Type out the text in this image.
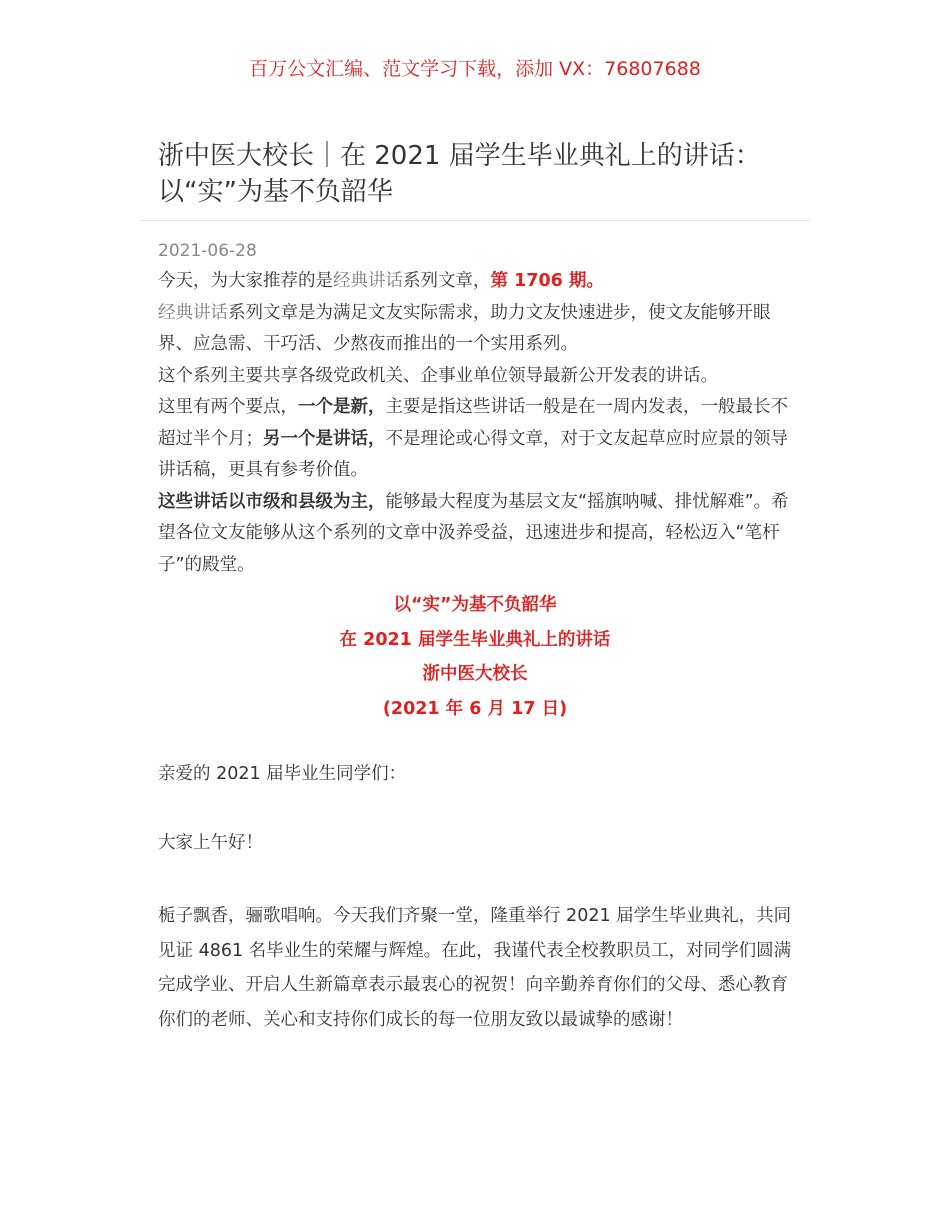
百万公文汇编、范文学习下载，添加 VX：76807688
浙中医大校长｜在 2021 届学生毕业典礼上的讲话：
以“实”为基不负韶华
2021-06-28

今天，为大家推荐的是经典讲话系列文章，第 1706 期。

经典讲话系列文章是为满足文友实际需求，助力文友快速进步，使文友能够开眼界、应急需、干巧活、少熬夜而推出的一个实用系列。

这个系列主要共享各级党政机关、企事业单位领导最新公开发表的讲话。

这里有两个要点，一个是新，主要是指这些讲话一般是在一周内发表，一般最长不超过半个月；另一个是讲话，不是理论或心得文章，对于文友起草应时应景的领导讲话稿，更具有参考价值。

这些讲话以市级和县级为主，能够最大程度为基层文友“摇旗呐喊、排忧解难”。希望各位文友能够从这个系列的文章中汲养受益，迅速进步和提高，轻松迈入“笔杆子”的殿堂。

以“实”为基不负韶华
在 2021 届学生毕业典礼上的讲话
浙中医大校长
(2021 年 6 月 17 日)

亲爱的 2021 届毕业生同学们：

大家上午好！

栀子飘香，骊歌唱响。今天我们齐聚一堂，隆重举行 2021 届学生毕业典礼，共同见证 4861 名毕业生的荣耀与辉煌。在此，我谨代表全校教职员工，对同学们圆满完成学业、开启人生新篇章表示最衷心的祝贺！向辛勤养育你们的父母、悉心教育你们的老师、关心和支持你们成长的每一位朋友致以最诚挚的感谢！
